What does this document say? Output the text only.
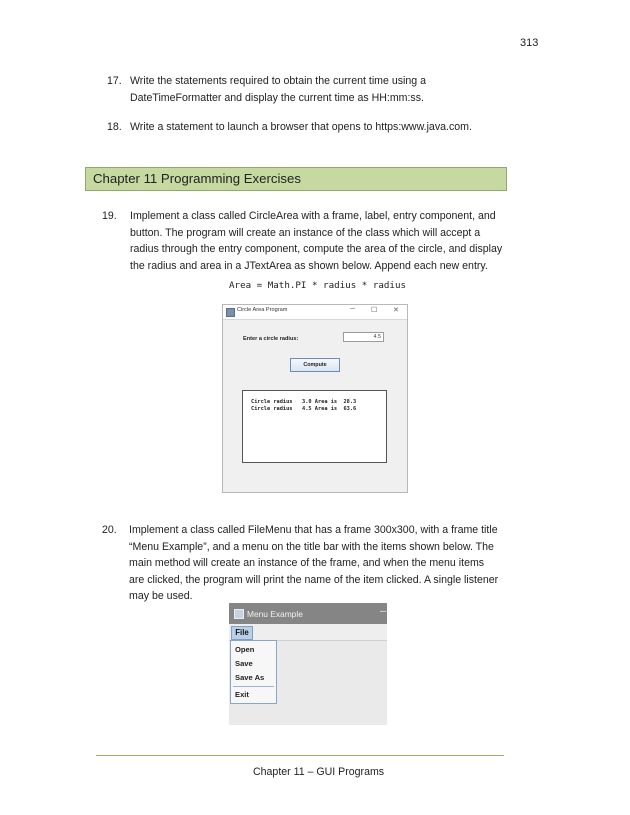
313
17. Write the statements required to obtain the current time using a
DateTimeFormatter and display the current time as HH:mm:ss.
18. Write a statement to launch a browser that opens to https:www.java.com.
Chapter 11 Programming Exercises
19. Implement a class called CircleArea with a frame, label, entry component, and
button. The program will create an instance of the class which will accept a
radius through the entry component, compute the area of the circle, and display
the radius and area in a JTextArea as shown below. Append each new entry.
Area = Math.PI * radius * radius
Circle Area Program	─ ☐ ✕
Enter a circle radius:	4.5
Compute
Circle radius   3.0 Area is  28.3
Circle radius   4.5 Area is  63.6
20. Implement a class called FileMenu that has a frame 300x300, with a frame title
“Menu Example”, and a menu on the title bar with the items shown below. The
main method will create an instance of the frame, and when the menu items
are clicked, the program will print the name of the item clicked. A single listener
may be used.
Menu Example	─
File
Open
Save
Save As
Exit
Chapter 11 – GUI Programs
